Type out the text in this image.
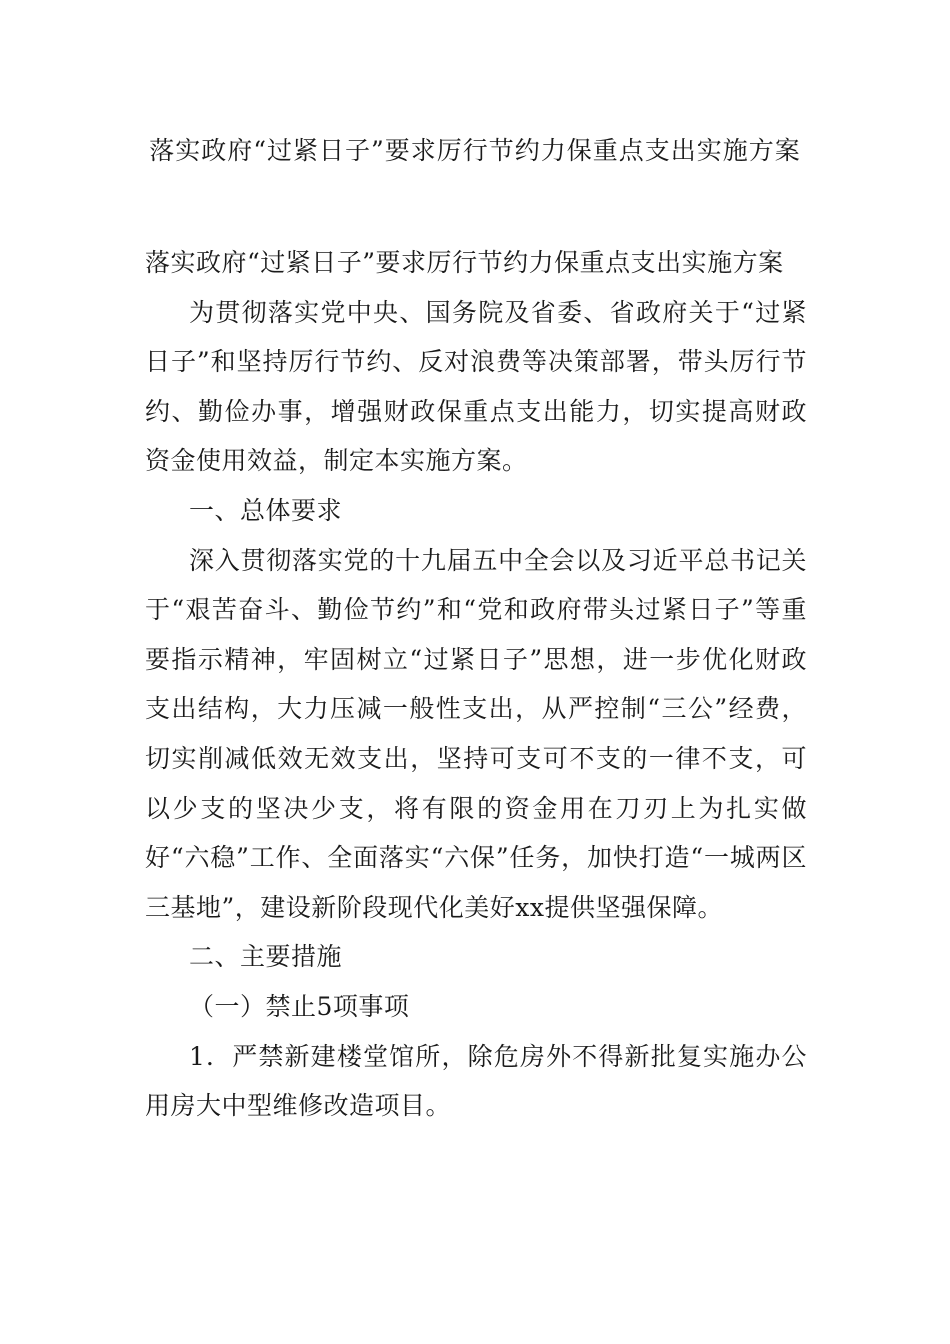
落实政府“过紧日子”要求厉行节约力保重点支出实施方案

落实政府“过紧日子”要求厉行节约力保重点支出实施方案

为贯彻落实党中央、国务院及省委、省政府关于“过紧日子”和坚持厉行节约、反对浪费等决策部署，带头厉行节约、勤俭办事，增强财政保重点支出能力，切实提高财政资金使用效益，制定本实施方案。

一、总体要求

深入贯彻落实党的十九届五中全会以及习近平总书记关于“艰苦奋斗、勤俭节约”和“党和政府带头过紧日子”等重要指示精神，牢固树立“过紧日子”思想，进一步优化财政支出结构，大力压减一般性支出，从严控制“三公”经费，切实削减低效无效支出，坚持可支可不支的一律不支，可以少支的坚决少支，将有限的资金用在刀刃上为扎实做好“六稳”工作、全面落实“六保”任务，加快打造“一城两区三基地”，建设新阶段现代化美好xx提供坚强保障。

二、主要措施

（一）禁止5项事项

1．严禁新建楼堂馆所，除危房外不得新批复实施办公用房大中型维修改造项目。
